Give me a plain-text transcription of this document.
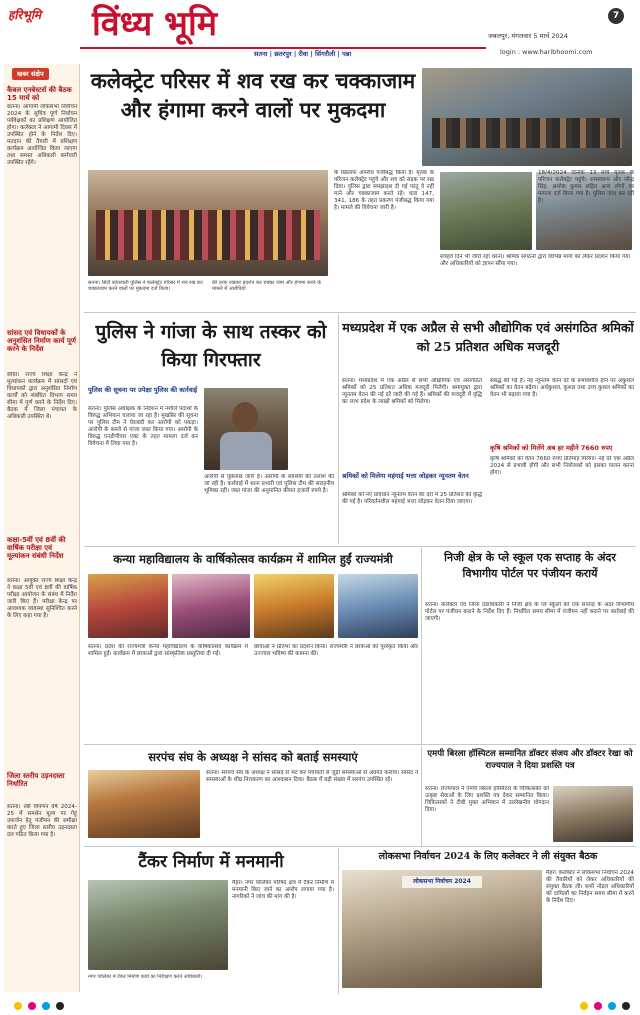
हरिभूमि विंध्य भूमि	7
जबलपुर, मंगलवार 5 मार्च 2024
login : www.haribhoomi.com
सतना | छतरपुर | रीवा | सिंगरौली | पन्ना
खबर संक्षेप
कैबल एनबेस्टर्स की बैठक 15 मार्च को
सतना। आगामी लोकसभा निर्वाचन 2024 के सुचित्र पूर्ण निर्वाचन पर्यवेक्षकों का प्रशिक्षण आयोजित होगा। कलेक्टर ने आगामी दिवस में उपस्थित होने के निर्देश दिए। मतदान की तैयारी में प्रशिक्षण कार्यक्रम आयोजित किया जाएगा तथा समस्त अधिकारी कर्मचारी उपस्थित रहेंगे।
सांसद एवं विधायकों के अनुशंसित निर्माण कार्य पूर्ण करने के निर्देश
सीधी। राज्य शिक्षा केन्द्र ने मूल्यांकन कार्यक्रम में सांसदों एवं विधायकों द्वारा अनुशंसित निर्माण कार्यों को संबंधित विभाग समय सीमा में पूर्ण करने के निर्देश दिए। बैठक में जिला पंचायत के अधिकारी उपस्थित थे।
कक्षा-5वीं एवं 8वीं की वार्षिक परीक्षा एवं मूल्यांकन संबंधी निर्देश
सतना। आयुक्त राज्य शिक्षा केन्द्र ने कक्षा 5वीं एवं 8वीं की वार्षिक परीक्षा आयोजन के संबंध में निर्देश जारी किए हैं। परीक्षा केन्द्र पर आवश्यक व्यवस्था सुनिश्चित करने के लिए कहा गया है।
जिला स्तरीय उड़नदस्ता निर्धारित
सतना। रबी विपणन वर्ष 2024-25 में समर्थन मूल्य पर गेहूं उपार्जन हेतु पंजीयन की समीक्षा करते हुए जिला स्तरीय उड़नदस्ता दल गठित किया गया है।
कलेक्ट्रेट परिसर में शव रख कर चक्काजाम और हंगामा करने वालों पर मुकदमा
के खिलाफ अपराध पंजीबद्ध किया है। मृतक के परिजन कलेक्ट्रेट पहुंचे और शव को सड़क पर रख दिया। पुलिस द्वारा समझाइश दी गई परंतु वे नहीं माने और चक्काजाम करते रहे। धारा 147, 341, 186 के तहत प्रकरण पंजीबद्ध किया गया है। मामले की विवेचना जारी है।
सत्रहवें दिन भी जारी रहा धरना। श्रमिक संगठनों द्वारा विभिन्न मांगों को लेकर प्रदर्शन किया गया और अधिकारियों को ज्ञापन सौंपा गया।
सतना। सिटी कोतवाली पुलिस ने कलेक्ट्रेट परिसर में शव रख कर चक्काजाम करने वालों पर मुकदमा दर्ज किया।
की तरफ रखकर प्रदर्शन कर चक्का जाम और हंगामा करने के मामले में आरोपियों
18/4/2024 दिनांक 13 मार्च मृतक के परिजन कलेक्ट्रेट पहुंचे। रामस्वरूप और नरेन्द्र सिंह, अशोक कुमार सहित अन्य लोगों पर मामला दर्ज किया गया है। पुलिस जांच कर रही है।
पुलिस ने गांजा के साथ तस्कर को किया गिरफ्तार
पुलिस की सूचना पर उपेक्षा पुलिस की कार्रवाई
सतना। पुलिस अधीक्षक के निर्देशन में नशीले पदार्थों के विरुद्ध अभियान चलाया जा रहा है। मुखबिर की सूचना पर पुलिस टीम ने घेराबंदी कर आरोपी को पकड़ा। आरोपी के कब्जे से गांजा जब्त किया गया। आरोपी के विरुद्ध एनडीपीएस एक्ट के तहत मामला दर्ज कर विवेचना में लिया गया है।
आरोपी से पूछताछ जारी है। आरोपी के साथियों की तलाश की जा रही है। कार्रवाई में थाना प्रभारी एवं पुलिस टीम की सराहनीय भूमिका रही। जब्त गांजा की अनुमानित कीमत हजारों रुपये है।
मध्यप्रदेश में एक अप्रैल से सभी औद्योगिक एवं असंगठित श्रमिकों को 25 प्रतिशत अधिक मजदूरी
सतना। मध्यप्रदेश में एक अप्रैल से सभी औद्योगिक एवं असंगठित श्रमिकों को 25 प्रतिशत अधिक मजदूरी मिलेगी। श्रमायुक्त द्वारा न्यूनतम वेतन की नई दरें जारी की गई हैं। श्रमिकों की मजदूरी में वृद्धि का लाभ प्रदेश के लाखों श्रमिकों को मिलेगा।
श्रमिकों को मिलेगा महंगाई भत्ता जोड़कर न्यूनतम वेतन
श्रमिकों को नए प्रावधान न्यूनतम वेतन की दरों में 25 प्रतिशत की वृद्धि की गई है। परिवर्तनशील महंगाई भत्ता जोड़कर वेतन दिया जाएगा।
संबद्ध की गई है। नई न्यूनतम वेतन दरें के प्रभावशील होने पर अकुशल श्रमिकों का वेतन बढ़ेगा। अर्धकुशल, कुशल तथा उच्च कुशल श्रमिकों का वेतन भी बढ़ाया गया है।
कृषि श्रमिकों को मिलेंगे अब हर महीने 7660 रुपए
कृषि श्रमिकों को वेतन 7660 रुपए प्रतिमाह मिलेगा। नई दरें एक अप्रैल 2024 से प्रभावी होंगी और सभी नियोजकों को इसका पालन करना होगा।
कन्या महाविद्यालय के वार्षिकोत्सव कार्यक्रम में शामिल हुईं राज्यमंत्री
सतना। प्रदेश की राज्यमंत्री कन्या महाविद्यालय के वार्षिकोत्सव कार्यक्रम में शामिल हुईं। कार्यक्रम में छात्राओं द्वारा सांस्कृतिक प्रस्तुतियां दी गईं।
छात्राओं ने प्रतिभा का प्रदर्शन किया। राज्यमंत्री ने छात्राओं को पुरस्कृत किया और उज्ज्वल भविष्य की कामना की।
निजी क्षेत्र के प्ले स्कूल एक सप्ताह के अंदर विभागीय पोर्टल पर पंजीयन करायें
सतना। कलेक्टर एवं जिला दंडाधिकारी ने निजी क्षेत्र के प्ले स्कूलों को एक सप्ताह के अंदर विभागीय पोर्टल पर पंजीयन कराने के निर्देश दिए हैं। निर्धारित समय सीमा में पंजीयन नहीं कराने पर कार्रवाई की जाएगी।
सरपंच संघ के अध्यक्ष ने सांसद को बताई समस्याएं
सतना। सरपंच संघ के अध्यक्ष ने सांसद से भेंट कर पंचायतों से जुड़ी समस्याओं से अवगत कराया। सांसद ने समस्याओं के शीघ्र निराकरण का आश्वासन दिया। बैठक में बड़ी संख्या में सरपंच उपस्थित रहे।
एमपी बिरला हॉस्पिटल सम्मानित डॉक्टर संजय और डॉक्टर रेखा को राज्यपाल ने दिया प्रशस्ति पत्र
सतना। राज्यपाल ने एमपी बिरला हॉस्पिटल के चिकित्सकों को उत्कृष्ट सेवाओं के लिए प्रशस्ति पत्र देकर सम्मानित किया। चिकित्सकों ने टीबी मुक्त अभियान में उल्लेखनीय योगदान दिया।
टैंकर निर्माण में मनमानी
मैहर। नगर पालिका परिषद क्षेत्र में टैंकर निर्माण में मनमानी किए जाने का आरोप लगाया गया है। नागरिकों ने जांच की मांग की है।
नगर पालिका में टैंकर निर्माण कार्य का निरीक्षण करते अधिकारी।
लोकसभा निर्वाचन 2024 के लिए कलेक्टर ने ली संयुक्त बैठक
लोकसभा निर्वाचन 2024
मैहर। कलेक्टर ने लोकसभा निर्वाचन 2024 की तैयारियों को लेकर अधिकारियों की संयुक्त बैठक ली। सभी नोडल अधिकारियों को दायित्वों का निर्वहन समय सीमा में करने के निर्देश दिए।
